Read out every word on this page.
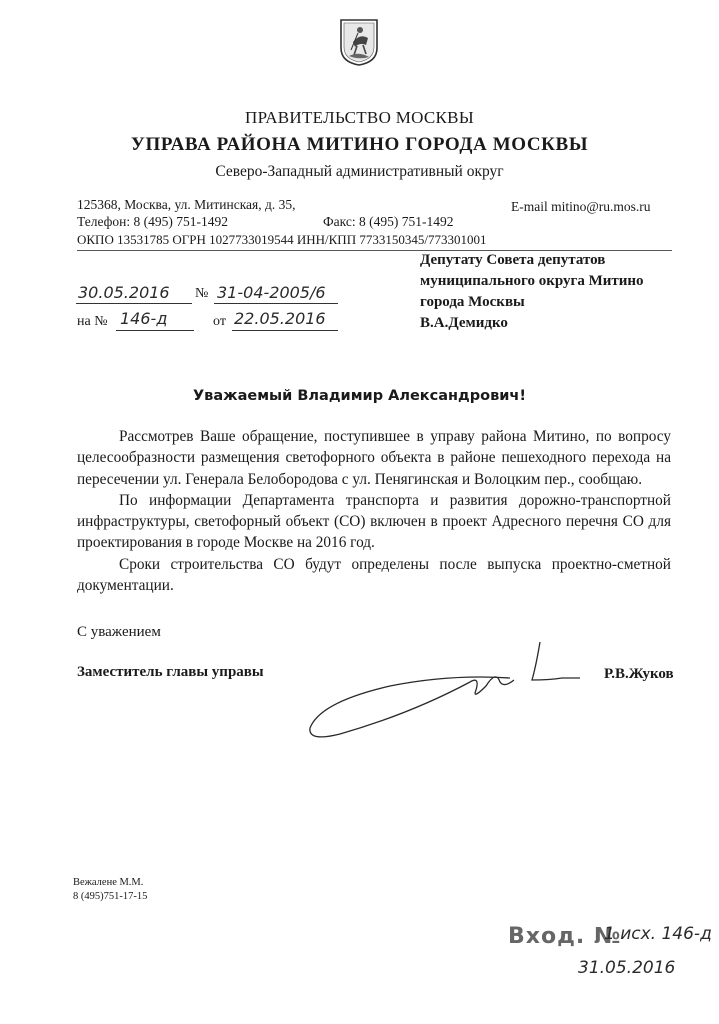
ПРАВИТЕЛЬСТВО МОСКВЫ
УПРАВА РАЙОНА МИТИНО ГОРОДА МОСКВЫ
Северо-Западный административный округ
125368, Москва, ул. Митинская, д. 35,	E-mail mitino@ru.mos.ru
Телефон: 8 (495) 751-1492	Факс: 8 (495) 751-1492
ОКПО 13531785 ОГРН 1027733019544 ИНН/КПП 7733150345/773301001
30.05.2016 № 31-04-2005/6
на № 146-д	от 22.05.2016
Депутату Совета депутатов
муниципального округа Митино
города Москвы
В.А.Демидко
Уважаемый Владимир Александрович!

Рассмотрев Ваше обращение, поступившее в управу района Митино, по вопросу целесообразности размещения светофорного объекта в районе пешеходного перехода на пересечении ул. Генерала Белобородова с ул. Пенягинская и Волоцким пер., сообщаю.

По информации Департамента транспорта и развития дорожно-транспортной инфраструктуры, светофорный объект (СО) включен в проект Адресного перечня СО для проектирования в городе Москве на 2016 год.

Сроки строительства СО будут определены после выпуска проектно-сметной документации.

С уважением
Заместитель главы управы	Р.В.Жуков
Вежалене М.М.
8 (495)751-17-15
Вход. №
1 исх. 146-д
31.05.2016
